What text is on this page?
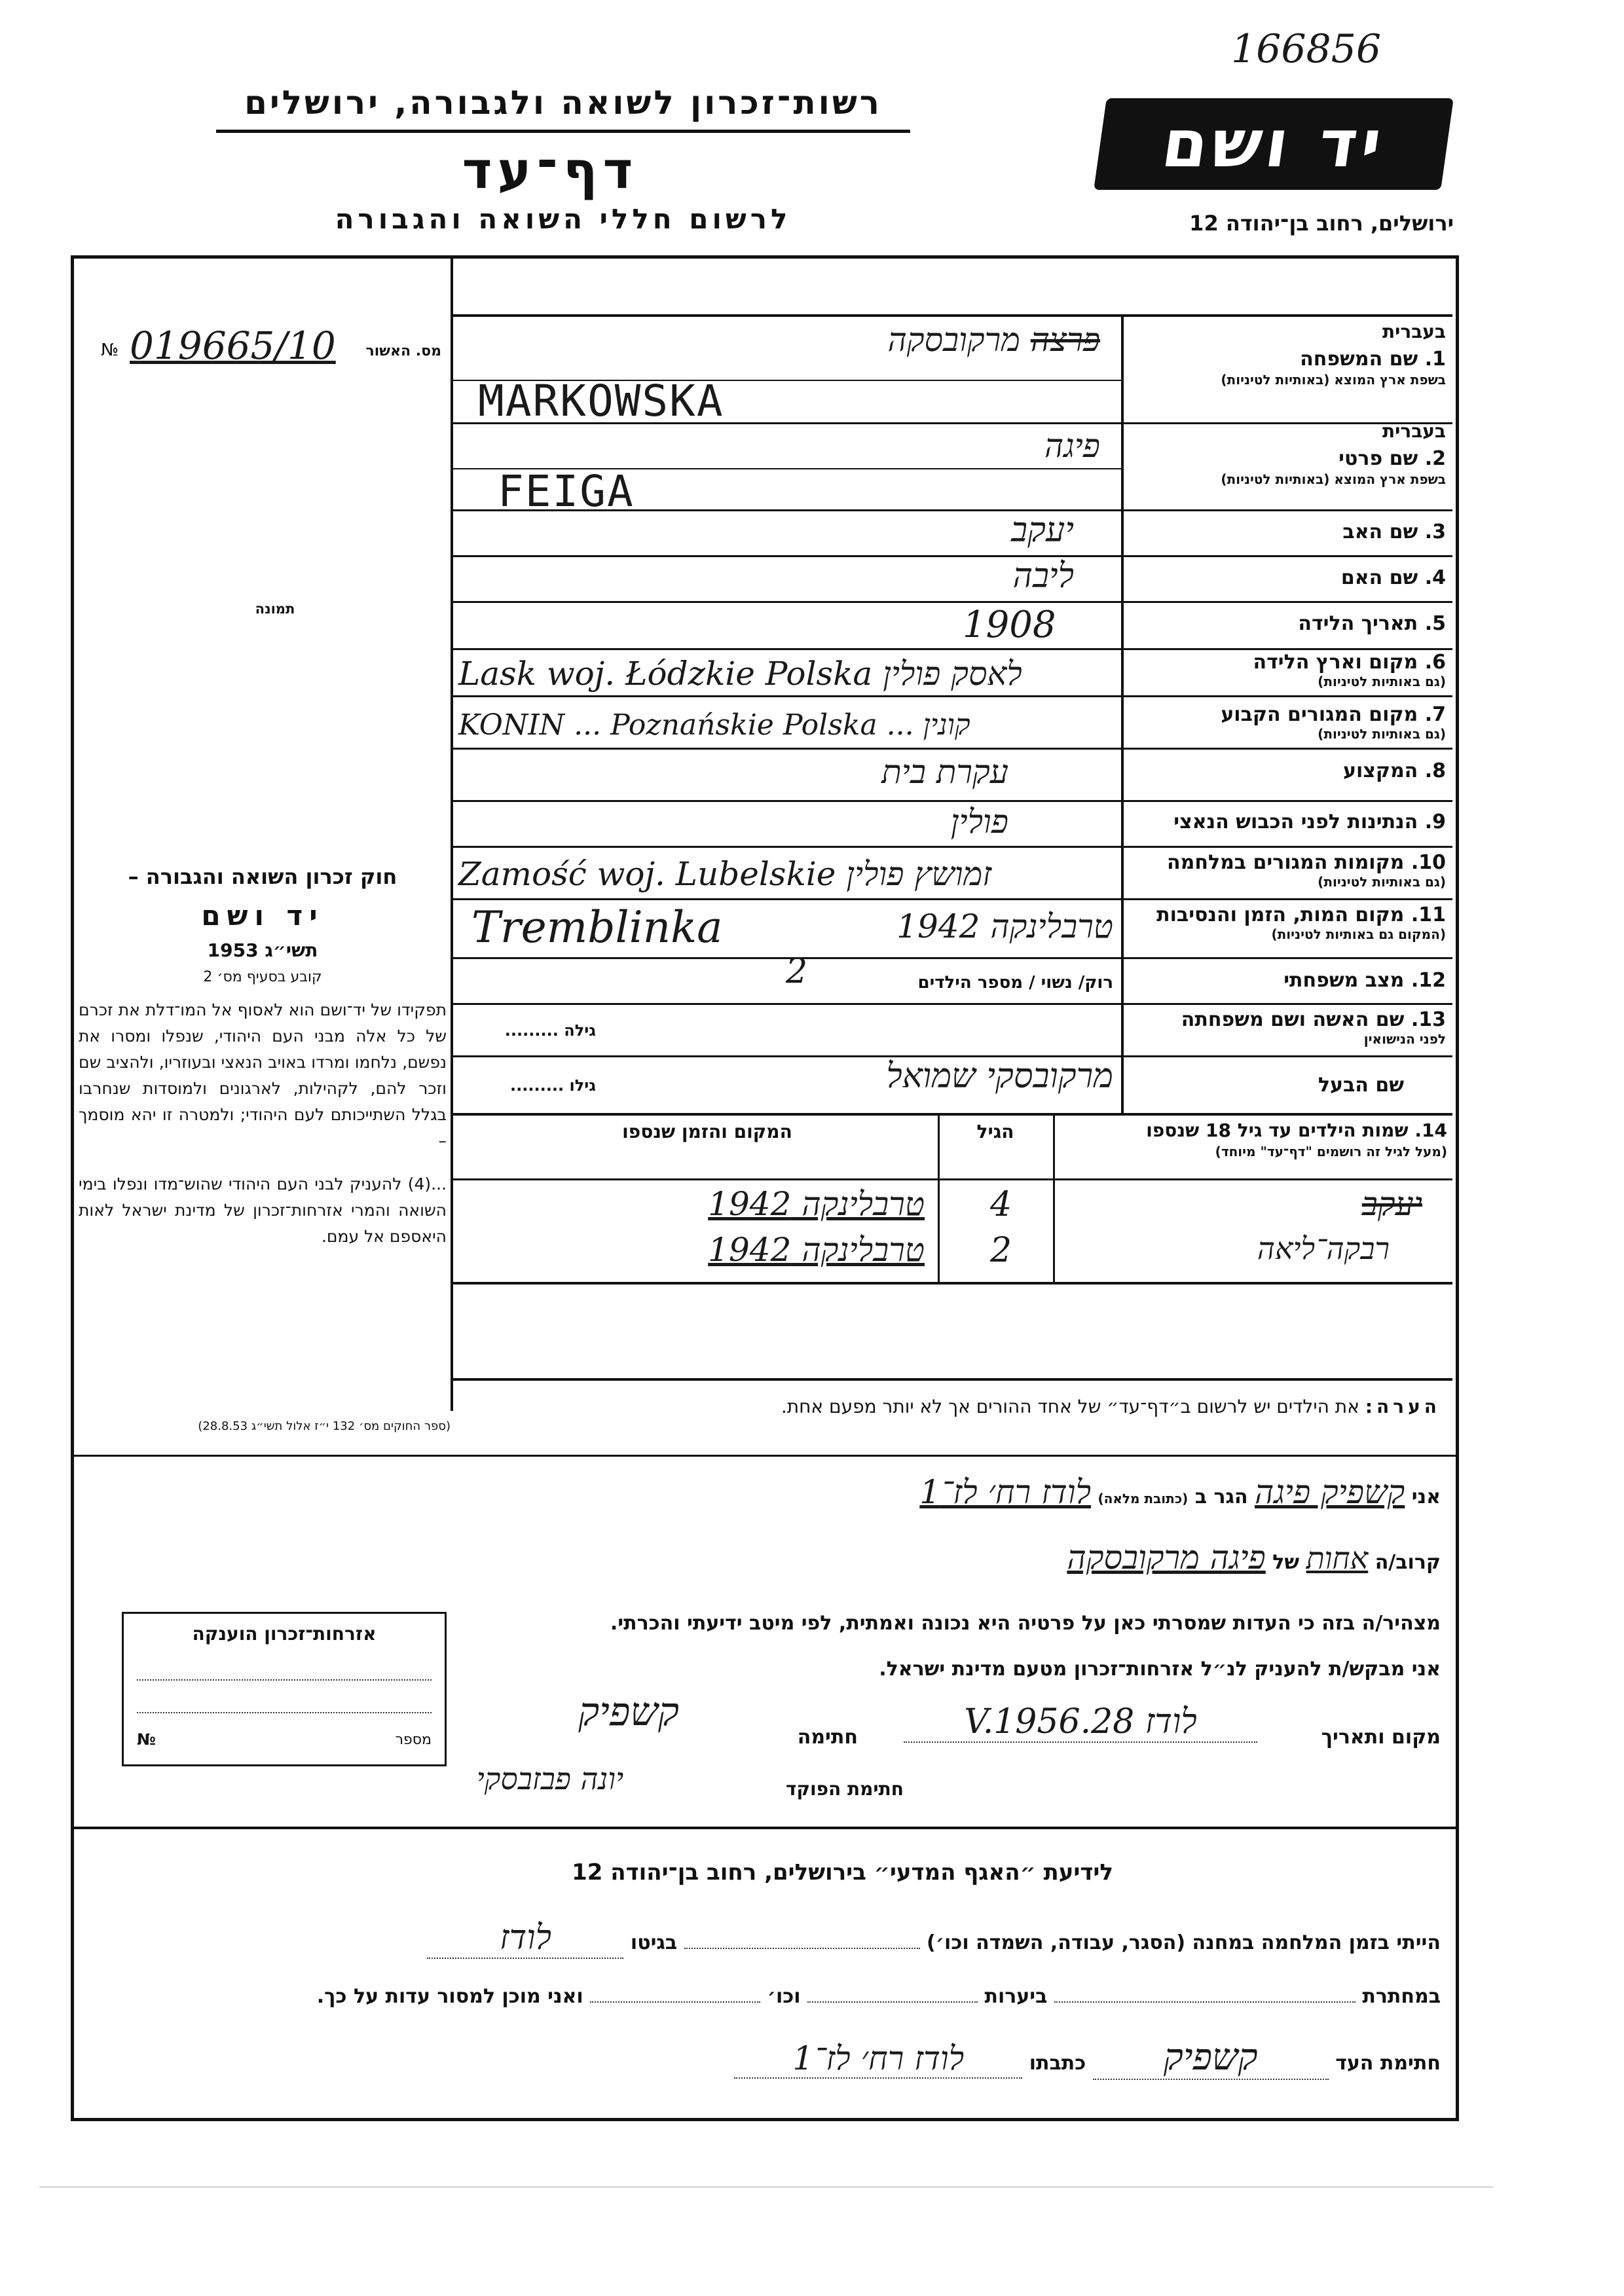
166856
רשות־זכרון לשואה ולגבורה, ירושלים
דף־עד
לרשום חללי השואה והגבורה
יד ושם
ירושלים, רחוב בן־יהודה 12
№ 019665/10 מס. האשור
תמונה
חוק זכרון השואה והגבורה –
יד ושם
תשי״ג 1953
קובע בסעיף מס׳ 2
תפקידו של יד־ושם הוא לאסוף אל המו־דלת את זכרם של כל אלה מבני העם היהודי, שנפלו ומסרו את נפשם, נלחמו ומרדו באויב הנאצי ובעוזריו, ולהציב שם וזכר להם, לקהילות, לארגונים ולמוסדות שנחרבו בגלל השתייכותם לעם היהודי; ולמטרה זו יהא מוסמך –
...(4) להעניק לבני העם היהודי שהוש־מדו ונפלו בימי השואה והמרי אזרחות־זכרון של מדינת ישראל לאות היאספם אל עמם.
(ספר החוקים מס׳ 132 י״ז אלול תשי״ג 28.8.53)
בעברית
1. שם המשפחה
בשפת ארץ המוצא (באותיות לטיניות)
פרצה מרקובסקה
MARKOWSKA
בעברית
2. שם פרטי
בשפת ארץ המוצא (באותיות לטיניות)
פיגה
FEIGA
3. שם האב
יעקב
4. שם האם
ליבה
5. תאריך הלידה
1908
6. מקום וארץ הלידה
(גם באותיות לטיניות)
לאסק פולין Lask woj. Łódzkie Polska
7. מקום המגורים הקבוע
(גם באותיות לטיניות)
קונין ... KONIN ... Poznańskie Polska
8. המקצוע
עקרת בית
9. הנתינות לפני הכבוש הנאצי
פולין
10. מקומות המגורים במלחמה
(גם באותיות לטיניות)
זמושץ פולין Zamość woj. Lubelskie
11. מקום המות, הזמן והנסיבות
(המקום גם באותיות לטיניות)
Tremblinka	טרבלינקה 1942
12. מצב משפחתי
רוק/ נשוי / מספר הילדים
2
13. שם האשה ושם משפחתה
לפני הנישואין
גילה .........
שם הבעל
מרקובסקי שמואל
גילו .........
14. שמות הילדים עד גיל 18 שנספו
(מעל לגיל זה רושמים "דף־עד" מיוחד)
הגיל
המקום והזמן שנספו
יעקב
4
טרבלינקה 1942
רבקה־ליאה
2
טרבלינקה 1942
הערה: את הילדים יש לרשום ב״דף־עד״ של אחד ההורים אך לא יותר מפעם אחת.
אני קשפיק פיגה הגר ב (כתובת מלאה) לודז רח׳ לז־1
קרוב/ה אחות של פיגה מרקובסקה
מצהיר/ה בזה כי העדות שמסרתי כאן על פרטיה היא נכונה ואמתית, לפי מיטב ידיעתי והכרתי.
אני מבקש/ת להעניק לנ״ל אזרחות־זכרון מטעם מדינת ישראל.
מקום ותאריך
לודז 28.V.1956
חתימה
קשפיק
חתימת הפוקד
יונה פבזבסקי
אזרחות־זכרון הוענקה
№	מספר
לידיעת ״האגף המדעי״ בירושלים, רחוב בן־יהודה 12
הייתי בזמן המלחמה במחנה (הסגר, עבודה, השמדה וכו׳)  בגיטו לודז
במחתרת  ביערות  וכו׳  ואני מוכן למסור עדות על כך.
חתימת העד קשפיק כתבתו לודז רח׳ לז־1
